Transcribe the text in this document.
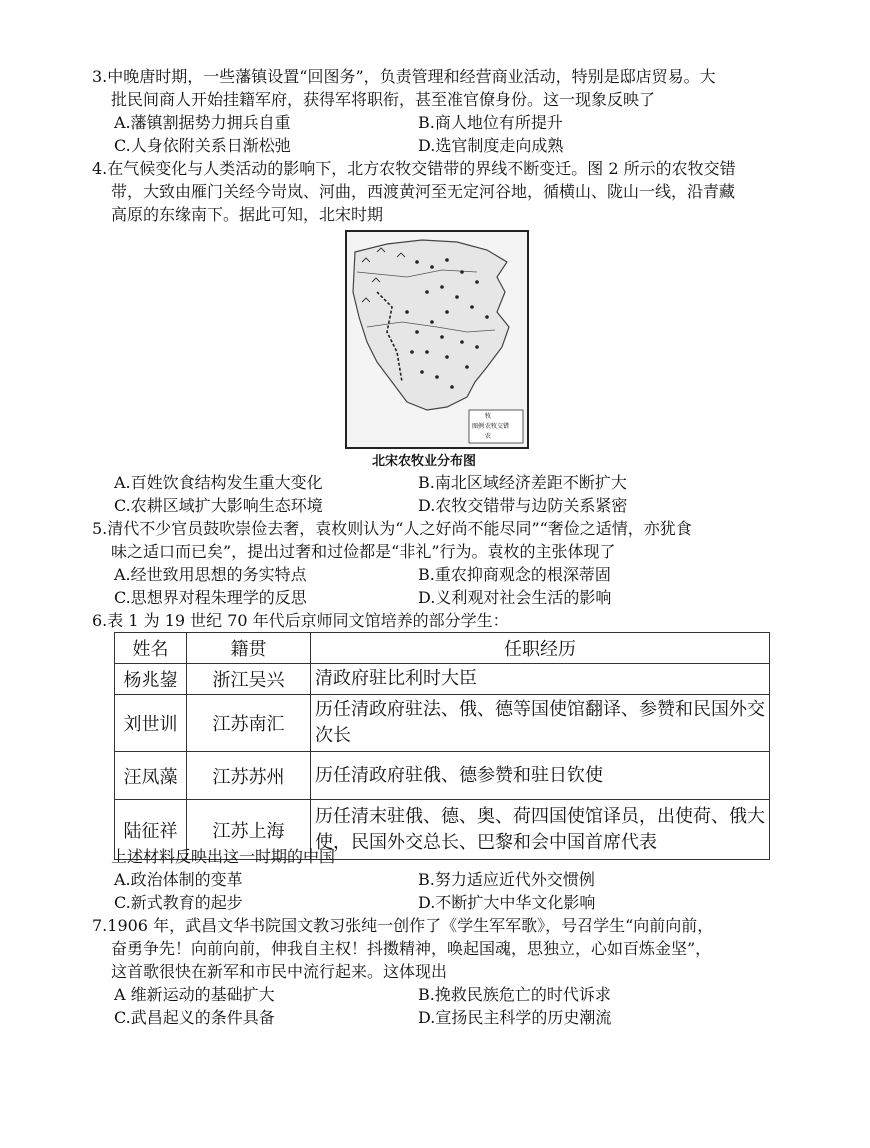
3.中晚唐时期，一些藩镇设置“回图务”，负责管理和经营商业活动，特别是邸店贸易。大
批民间商人开始挂籍军府，获得军将职衔，甚至准官僚身份。这一现象反映了
A.藩镇割据势力拥兵自重	B.商人地位有所提升
C.人身依附关系日渐松弛	D.选官制度走向成熟
4.在气候变化与人类活动的影响下，北方农牧交错带的界线不断变迁。图 2 所示的农牧交错
带，大致由雁门关经今岢岚、河曲，西渡黄河至无定河谷地，循横山、陇山一线，沿青藏
高原的东缘南下。据此可知，北宋时期
图例
牧
农牧交错
农
北宋农牧业分布图
A.百姓饮食结构发生重大变化	B.南北区域经济差距不断扩大
C.农耕区域扩大影响生态环境	D.农牧交错带与边防关系紧密
5.清代不少官员鼓吹崇俭去奢，袁枚则认为“人之好尚不能尽同”“奢俭之适情，亦犹食
味之适口而已矣”，提出过奢和过俭都是“非礼”行为。袁枚的主张体现了
A.经世致用思想的务实特点	B.重农抑商观念的根深蒂固
C.思想界对程朱理学的反思	D.义利观对社会生活的影响
6.表 1 为 19 世纪 70 年代后京师同文馆培养的部分学生：
姓名	籍贯	任职经历
杨兆鋆	浙江吴兴	清政府驻比利时大臣
刘世训	江苏南汇	历任清政府驻法、俄、德等国使馆翻译、参赞和民国外交次长
汪凤藻	江苏苏州	历任清政府驻俄、德参赞和驻日钦使
陆征祥	江苏上海	历任清末驻俄、德、奥、荷四国使馆译员，出使荷、俄大使，民国外交总长、巴黎和会中国首席代表
上述材料反映出这一时期的中国
A.政治体制的变革	B.努力适应近代外交惯例
C.新式教育的起步	D.不断扩大中华文化影响
7.1906 年，武昌文华书院国文教习张纯一创作了《学生军军歌》，号召学生“向前向前，
奋勇争先！向前向前，伸我自主权！抖擞精神，唤起国魂，思独立，心如百炼金坚”，
这首歌很快在新军和市民中流行起来。这体现出
A 维新运动的基础扩大	B.挽救民族危亡的时代诉求
C.武昌起义的条件具备	D.宣扬民主科学的历史潮流
